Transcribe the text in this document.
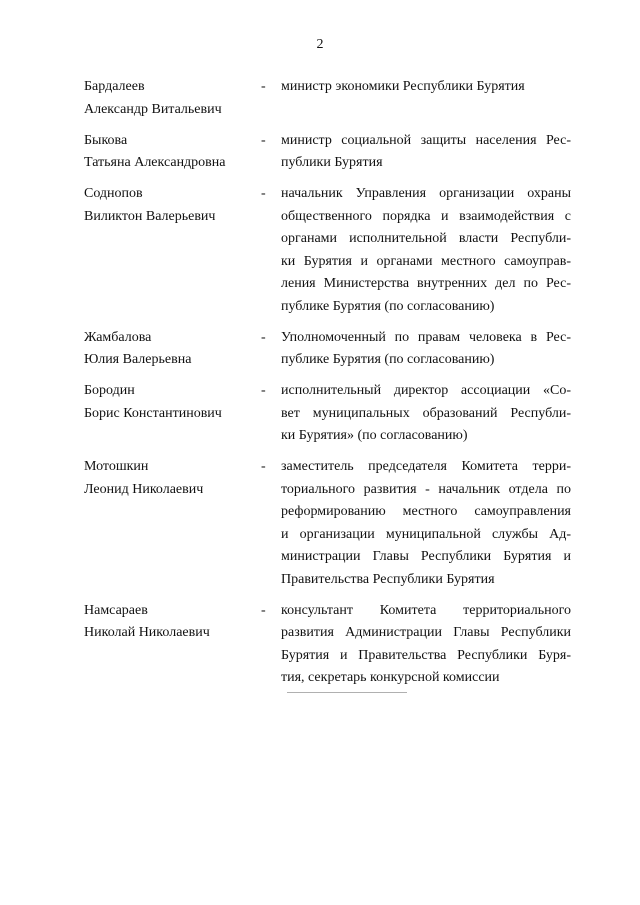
2
Бардалеев
Александр Витальевич
- министр экономики Республики Бурятия
Быкова
Татьяна Александровна
- министр социальной защиты населения Рес-
публики Бурятия
Соднопов
Виликтон Валерьевич
- начальник Управления организации охраны
общественного порядка и взаимодействия с
органами исполнительной власти Республи-
ки Бурятия и органами местного самоуправ-
ления Министерства внутренних дел по Рес-
публике Бурятия (по согласованию)
Жамбалова
Юлия Валерьевна
- Уполномоченный по правам человека в Рес-
публике Бурятия (по согласованию)
Бородин
Борис Константинович
- исполнительный директор ассоциации «Со-
вет муниципальных образований Республи-
ки Бурятия» (по согласованию)
Мотошкин
Леонид Николаевич
- заместитель председателя Комитета терри-
ториального развития - начальник отдела по
реформированию местного самоуправления
и организации муниципальной службы Ад-
министрации Главы Республики Бурятия и
Правительства Республики Бурятия
Намсараев
Николай Николаевич
- консультант Комитета территориального
развития Администрации Главы Республики
Бурятия и Правительства Республики Буря-
тия, секретарь конкурсной комиссии
